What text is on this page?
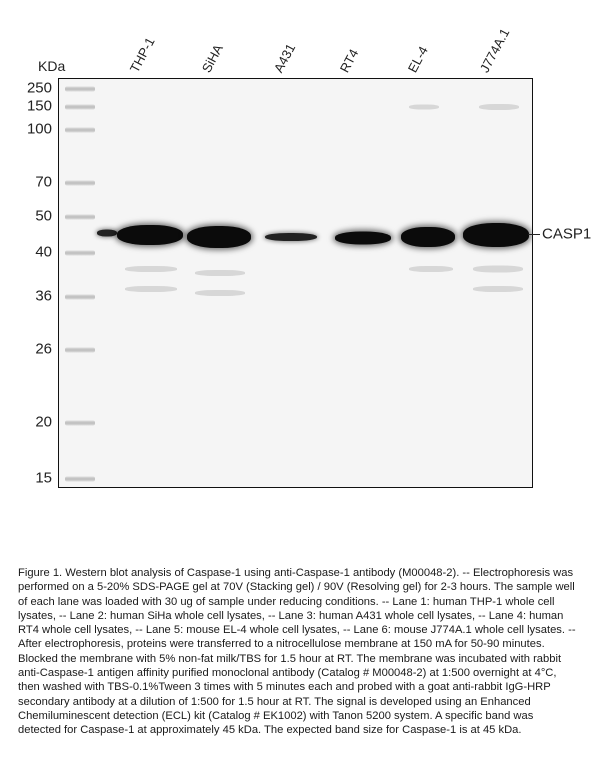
KDa
250
150
100
70
50
40
36
26
20
15
THP-1	SiHA	A431	RT4	EL-4	J774A.1
CASP1
Figure 1. Western blot analysis of Caspase-1 using anti-Caspase-1 antibody (M00048-2). -- Electrophoresis was performed on a 5-20% SDS-PAGE gel at 70V (Stacking gel) / 90V (Resolving gel) for 2-3 hours. The sample well of each lane was loaded with 30 ug of sample under reducing conditions. -- Lane 1: human THP-1 whole cell lysates, -- Lane 2: human SiHa whole cell lysates, -- Lane 3: human A431 whole cell lysates, -- Lane 4: human RT4 whole cell lysates, -- Lane 5: mouse EL-4 whole cell lysates, -- Lane 6: mouse J774A.1 whole cell lysates. -- After electrophoresis, proteins were transferred to a nitrocellulose membrane at 150 mA for 50-90 minutes. Blocked the membrane with 5% non-fat milk/TBS for 1.5 hour at RT. The membrane was incubated with rabbit anti-Caspase-1 antigen affinity purified monoclonal antibody (Catalog # M00048-2) at 1:500 overnight at 4°C, then washed with TBS-0.1%Tween 3 times with 5 minutes each and probed with a goat anti-rabbit IgG-HRP secondary antibody at a dilution of 1:500 for 1.5 hour at RT. The signal is developed using an Enhanced Chemiluminescent detection (ECL) kit (Catalog # EK1002) with Tanon 5200 system. A specific band was detected for Caspase-1 at approximately 45 kDa. The expected band size for Caspase-1 is at 45 kDa.
